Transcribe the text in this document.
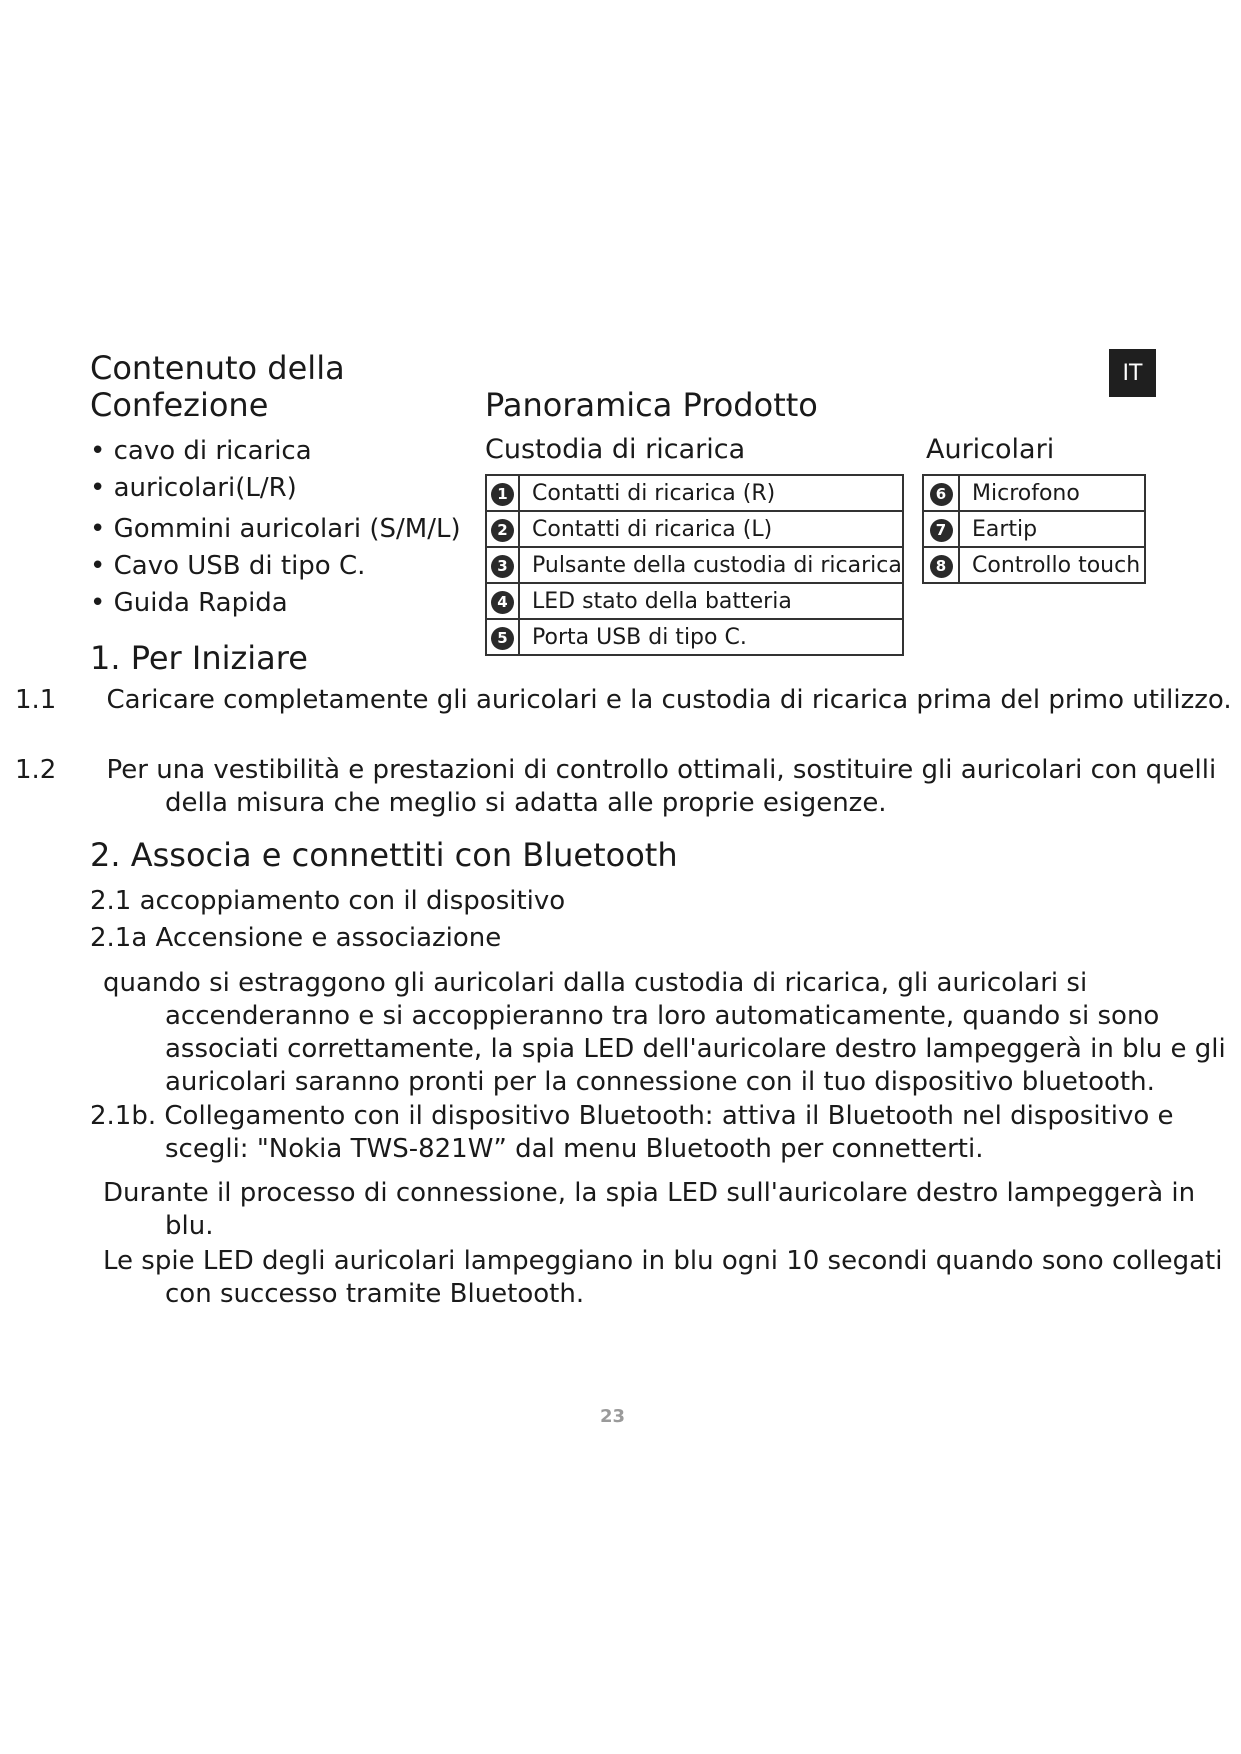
IT
Contenuto della
Confezione
• cavo di ricarica
• auricolari(L/R)
• Gommini auricolari (S/M/L)
• Cavo USB di tipo C.
• Guida Rapida
Panoramica Prodotto
Custodia di ricarica	Auricolari
1	Contatti di ricarica (R)
2	Contatti di ricarica (L)
3	Pulsante della custodia di ricarica
4	LED stato della batteria
5	Porta USB di tipo C.
6	Microfono
7	Eartip
8	Controllo touch
1. Per Iniziare
1.1 Caricare completamente gli auricolari e la custodia di ricarica prima del primo utilizzo.
1.2 Per una vestibilità e prestazioni di controllo ottimali, sostituire gli auricolari con quelli della misura che meglio si adatta alle proprie esigenze.
2. Associa e connettiti con Bluetooth
2.1 accoppiamento con il dispositivo
2.1a Accensione e associazione
quando si estraggono gli auricolari dalla custodia di ricarica, gli auricolari si accenderanno e si accoppieranno tra loro automaticamente, quando si sono associati correttamente, la spia LED dell'auricolare destro lampeggerà in blu e gli auricolari saranno pronti per la connessione con il tuo dispositivo bluetooth.
2.1b. Collegamento con il dispositivo Bluetooth: attiva il Bluetooth nel dispositivo e scegli: "Nokia TWS-821W” dal menu Bluetooth per connetterti.
Durante il processo di connessione, la spia LED sull'auricolare destro lampeggerà in blu.
Le spie LED degli auricolari lampeggiano in blu ogni 10 secondi quando sono collegati con successo tramite Bluetooth.
23
